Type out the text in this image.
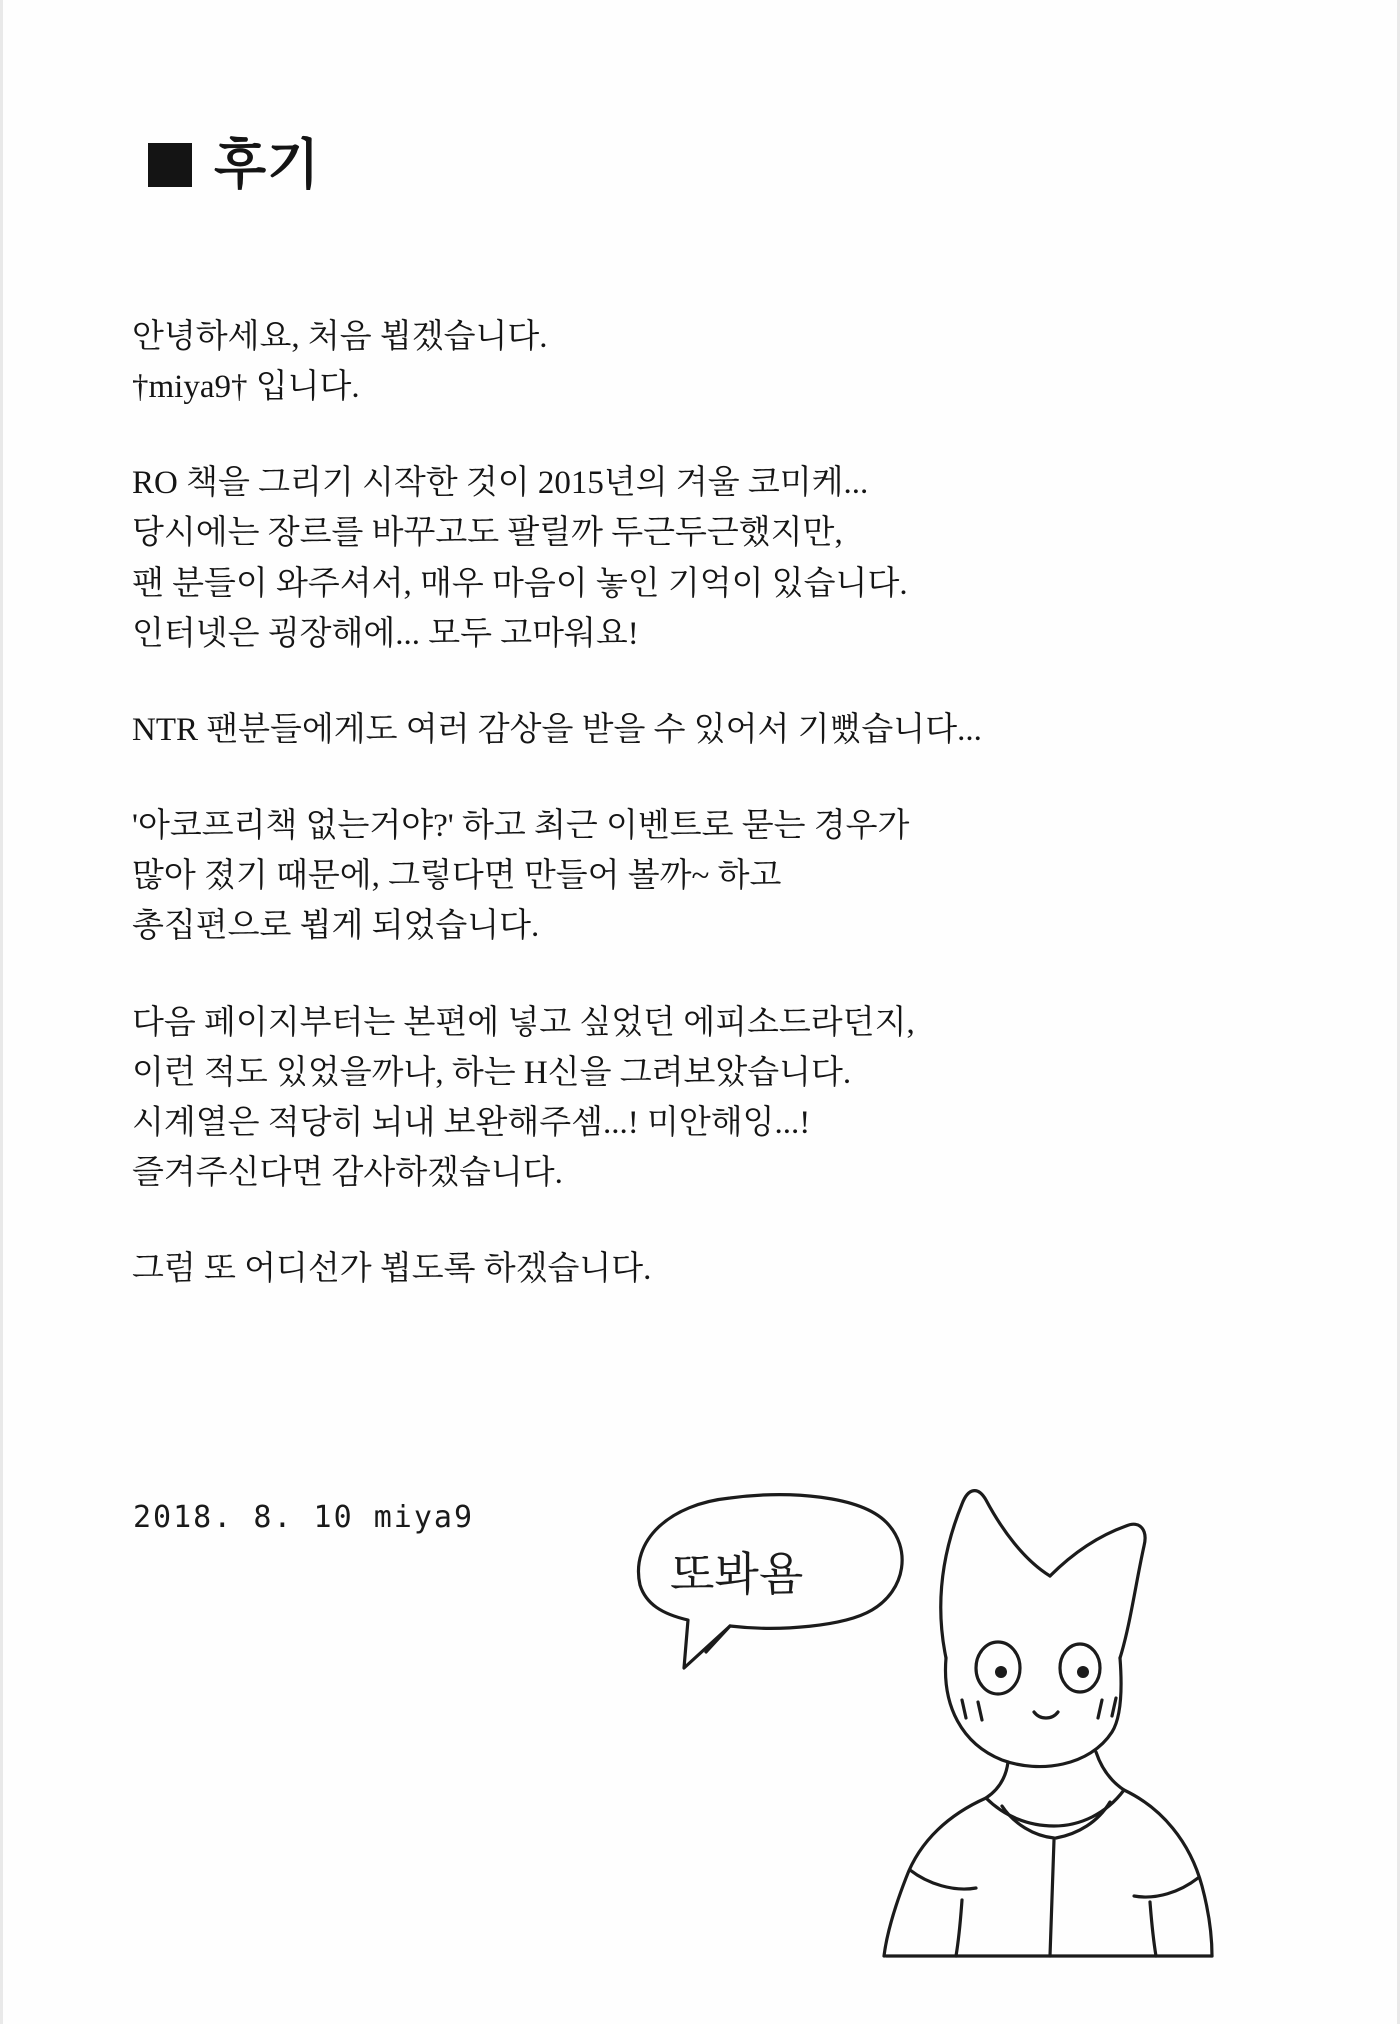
후기
안녕하세요, 처음 뵙겠습니다.
†miya9† 입니다.
RO 책을 그리기 시작한 것이 2015년의 겨울 코미케...
당시에는 장르를 바꾸고도 팔릴까 두근두근했지만,
팬 분들이 와주셔서, 매우 마음이 놓인 기억이 있습니다.
인터넷은 굉장해에... 모두 고마워요!
NTR 팬분들에게도 여러 감상을 받을 수 있어서 기뻤습니다...
'아코프리책 없는거야?' 하고 최근 이벤트로 묻는 경우가
많아 졌기 때문에, 그렇다면 만들어 볼까~ 하고
총집편으로 뵙게 되었습니다.
다음 페이지부터는 본편에 넣고 싶었던 에피소드라던지,
이런 적도 있었을까나, 하는 H신을 그려보았습니다.
시계열은 적당히 뇌내 보완해주셈...! 미안해잉...!
즐겨주신다면 감사하겠습니다.
그럼 또 어디선가 뵙도록 하겠습니다.
2018. 8. 10 miya9
또봐욤
